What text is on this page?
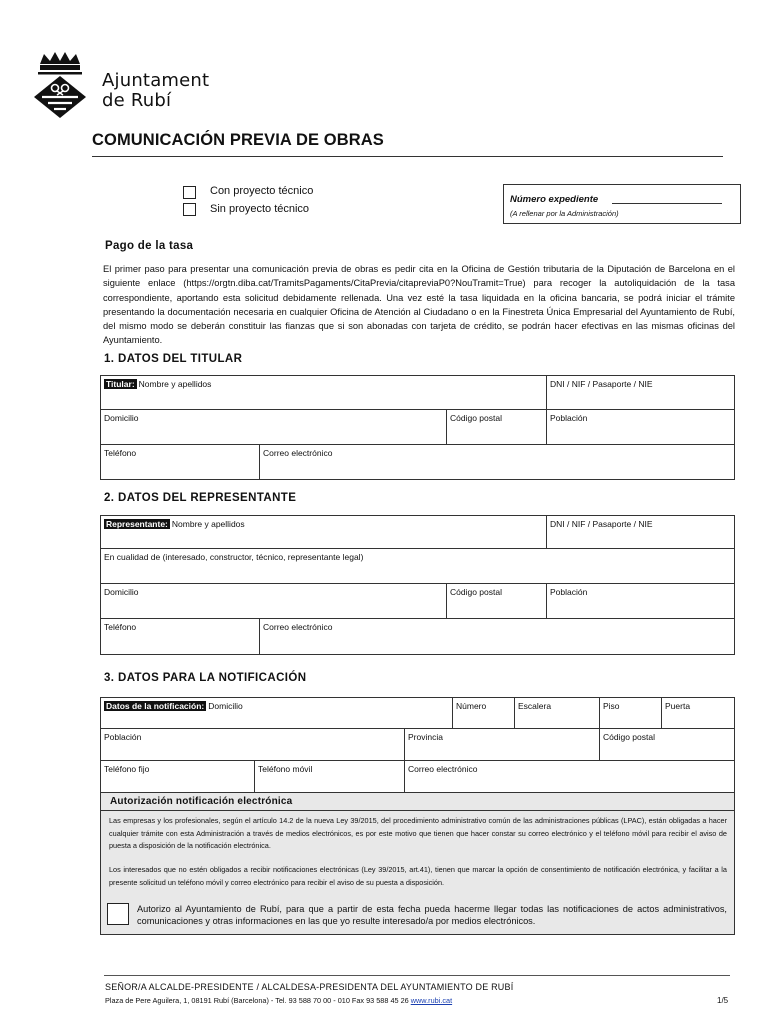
Ajuntament
de Rubí
COMUNICACIÓN PREVIA DE OBRAS
Con proyecto técnico
Sin proyecto técnico
Número expediente
(A rellenar por la Administración)
Pago de la tasa
El primer paso para presentar una comunicación previa de obras es pedir cita en la Oficina de Gestión tributaria de la Diputación de Barcelona en el siguiente enlace (https://orgtn.diba.cat/TramitsPagaments/CitaPrevia/citapreviaP0?NouTramit=True) para recoger la autoliquidación de la tasa correspondiente, aportando esta solicitud debidamente rellenada. Una vez esté la tasa liquidada en la oficina bancaria, se podrá iniciar el trámite presentando la documentación necesaria en cualquier Oficina de Atención al Ciudadano o en la Finestreta Única Empresarial del Ayuntamiento de Rubí, del mismo modo se deberán constituir las fianzas que si son abonadas con tarjeta de crédito, se podrán hacer efectivas en las mismas oficinas del Ayuntamiento.
1. DATOS DEL TITULAR
Titular: Nombre y apellidos	DNI / NIF / Pasaporte / NIE
Domicilio	Código postal	Población
Teléfono	Correo electrónico
2. DATOS DEL REPRESENTANTE
Representante: Nombre y apellidos	DNI / NIF / Pasaporte / NIE
En cualidad de (interesado, constructor, técnico, representante legal)
Domicilio	Código postal	Población
Teléfono	Correo electrónico
3. DATOS PARA LA NOTIFICACIÓN
Datos de la notificación: Domicilio	Número	Escalera	Piso	Puerta
Población	Provincia	Código postal
Teléfono fijo	Teléfono móvil	Correo electrónico
Autorización notificación electrónica
Las empresas y los profesionales, según el artículo 14.2 de la nueva Ley 39/2015, del procedimiento administrativo común de las administraciones públicas (LPAC), están obligadas a hacer cualquier trámite con esta Administración a través de medios electrónicos, es por este motivo que tienen que hacer constar su correo electrónico y el teléfono móvil para recibir el aviso de puesta a disposición de la notificación electrónica.
Los interesados que no estén obligados a recibir notificaciones electrónicas (Ley 39/2015, art.41), tienen que marcar la opción de consentimiento de notificación electrónica, y facilitar a la presente solicitud un teléfono móvil y correo electrónico para recibir el aviso de su puesta a disposición.
Autorizo al Ayuntamiento de Rubí, para que a partir de esta fecha pueda hacerme llegar todas las notificaciones de actos administrativos, comunicaciones y otras informaciones en las que yo resulte interesado/a por medios electrónicos.
SEÑOR/A ALCALDE-PRESIDENTE / ALCALDESA-PRESIDENTA DEL AYUNTAMIENTO DE RUBÍ
Plaza de Pere Aguilera, 1, 08191 Rubí (Barcelona) - Tel. 93 588 70 00 - 010 Fax 93 588 45 26 www.rubi.cat	1/5
